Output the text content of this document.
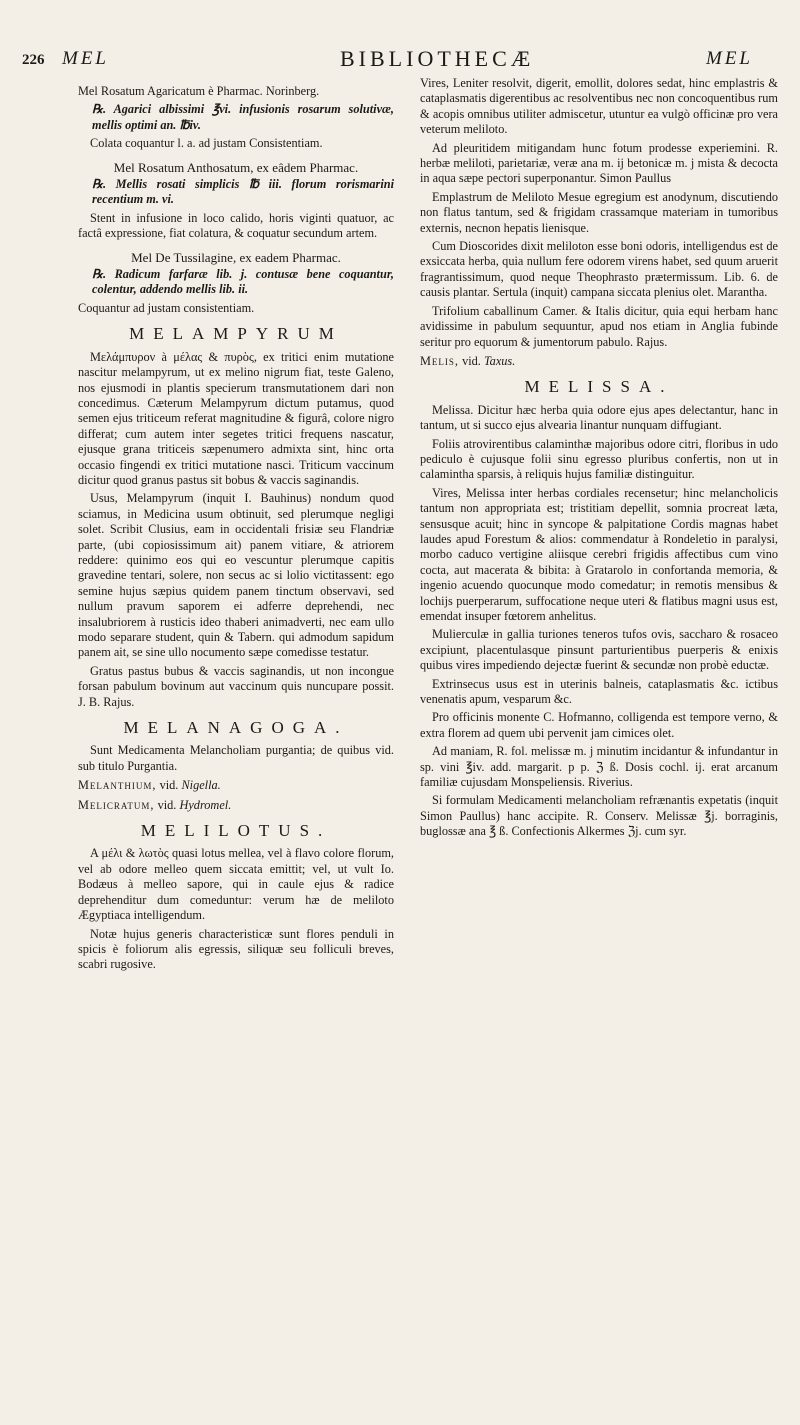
226 MEL	BIBLIOTHECÆ	MEL

Mel Rosatum Agaricatum è Pharmac. Norinberg.

℞. Agarici albissimi ℥vi. infusionis rosarum solutivæ, mellis optimi an. ℔iv.

Colata coquantur l. a. ad justam Consistentiam.

Mel Rosatum Anthosatum, ex eâdem Pharmac.

℞. Mellis rosati simplicis ℔ iii. florum rorismarini recentium m. vi.

Stent in infusione in loco calido, horis viginti quatuor, ac factâ expressione, fiat colatura, & coquatur secundum artem.

Mel De Tussilagine, ex eadem Pharmac.

℞. Radicum farfaræ lib. j. contusæ bene coquantur, colentur, addendo mellis lib. ii.

Coquantur ad justam consistentiam.

MELAMPYRUM

Μελάμπυρον à μέλας & πυρὸς, ex tritici enim mutatione nascitur melampyrum, ut ex melino nigrum fiat, teste Galeno, nos ejusmodi in plantis specierum transmutationem dari non concedimus. Cæterum Melampyrum dictum putamus, quod semen ejus triticeum referat magnitudine & figurâ, colore nigro differat; cum autem inter segetes tritici frequens nascatur, ejusque grana triticeis sæpenumero admixta sint, hinc orta occasio fingendi ex tritici mutatione nasci. Triticum vaccinum dicitur quod granus pastus sit bobus & vaccis saginandis.

Usus, Melampyrum (inquit I. Bauhinus) nondum quod sciamus, in Medicina usum obtinuit, sed plerumque negligi solet. Scribit Clusius, eam in occidentali frisiæ seu Flandriæ parte, (ubi copiosissimum ait) panem vitiare, & atriorem reddere: quinimo eos qui eo vescuntur plerumque capitis gravedine tentari, solere, non secus ac si lolio victitassent: ego semine hujus sæpius quidem panem tinctum observavi, sed nullum pravum saporem ei adferre deprehendi, nec insalubriorem à rusticis ideo thaberi animadverti, nec eam ullo modo separare student, quin & Tabern. qui admodum sapidum panem ait, se sine ullo nocumento sæpe comedisse testatur.

Gratus pastus bubus & vaccis saginandis, ut non incongue forsan pabulum bovinum aut vaccinum quis nuncupare possit. J. B. Rajus.

MELANAGOGA.

Sunt Medicamenta Melancholiam purgantia; de quibus vid. sub titulo Purgantia.

Melanthium, vid. Nigella.

Melicratum, vid. Hydromel.

MELILOTUS.

A μέλι & λωτὸς quasi lotus mellea, vel à flavo colore florum, vel ab odore melleo quem siccata emittit; vel, ut vult Io. Bodæus à melleo sapore, qui in caule ejus & radice deprehenditur dum comeduntur: verum hæ de meliloto Ægyptiaca intelligendum.

Notæ hujus generis characteristicæ sunt flores penduli in spicis è foliorum alis egressis, siliquæ seu folliculi breves, scabri rugosive.

Vires, Leniter resolvit, digerit, emollit, dolores sedat, hinc emplastris & cataplasmatis digerentibus ac resolventibus nec non concoquentibus rum & acopis omnibus utiliter admiscetur, utuntur ea vulgò officinæ pro vera veterum meliloto.

Ad pleuritidem mitigandam hunc fotum prodesse experiemini. R. herbæ meliloti, parietariæ, veræ ana m. ij betonicæ m. j mista & decocta in aqua sæpe pectori superponantur. Simon Paullus

Emplastrum de Meliloto Mesue egregium est anodynum, discutiendo non flatus tantum, sed & frigidam crassamque materiam in tumoribus externis, necnon hepatis lienisque.

Cum Dioscorides dixit meliloton esse boni odoris, intelligendus est de exsiccata herba, quia nullum fere odorem virens habet, sed quum aruerit fragrantissimum, quod neque Theophrasto prætermissum. Lib. 6. de causis plantar. Sertula (inquit) campana siccata plenius olet. Marantha.

Trifolium caballinum Camer. & Italis dicitur, quia equi herbam hanc avidissime in pabulum sequuntur, apud nos etiam in Anglia fubinde seritur pro equorum & jumentorum pabulo. Rajus.

Melis, vid. Taxus.

MELISSA.

Melissa. Dicitur hæc herba quia odore ejus apes delectantur, hanc in tantum, ut si succo ejus alvearia linantur nunquam diffugiant.

Foliis atrovirentibus calaminthæ majoribus odore citri, floribus in udo pediculo è cujusque folii sinu egresso pluribus confertis, non ut in calamintha sparsis, à reliquis hujus familiæ distinguitur.

Vires, Melissa inter herbas cordiales recensetur; hinc melancholicis tantum non appropriata est; tristitiam depellit, somnia procreat læta, sensusque acuit; hinc in syncope & palpitatione Cordis magnas habet laudes apud Forestum & alios: commendatur à Rondeletio in paralysi, morbo caduco vertigine aliisque cerebri frigidis affectibus cum vino cocta, aut macerata & bibita: à Gratarolo in confortanda memoria, & ingenio acuendo quocunque modo comedatur; in remotis mensibus & lochijs puerperarum, suffocatione neque uteri & flatibus magni usus est, emendat insuper fœtorem anhelitus.

Mulierculæ in gallia turiones teneros tufos ovis, saccharo & rosaceo excipiunt, placentulasque pinsunt parturientibus puerperis & enixis quibus vires impediendo dejectæ fuerint & secundæ non probè eductæ.

Extrinsecus usus est in uterinis balneis, cataplasmatis &c. ictibus venenatis apum, vesparum &c.

Pro officinis monente C. Hofmanno, colligenda est tempore verno, & extra florem ad quem ubi pervenit jam cimices olet.

Ad maniam, R. fol. melissæ m. j minutim incidantur & infundantur in sp. vini ℥iv. add. margarit. p p. ℨ ß. Dosis cochl. ij. erat arcanum familiæ cujusdam Monspeliensis. Riverius.

Si formulam Medicamenti melancholiam refrænantis expetatis (inquit Simon Paullus) hanc accipite. R. Conserv. Melissæ ℥j. borraginis, buglossæ ana ℥ ß. Confectionis Alkermes ℨj. cum syr.
